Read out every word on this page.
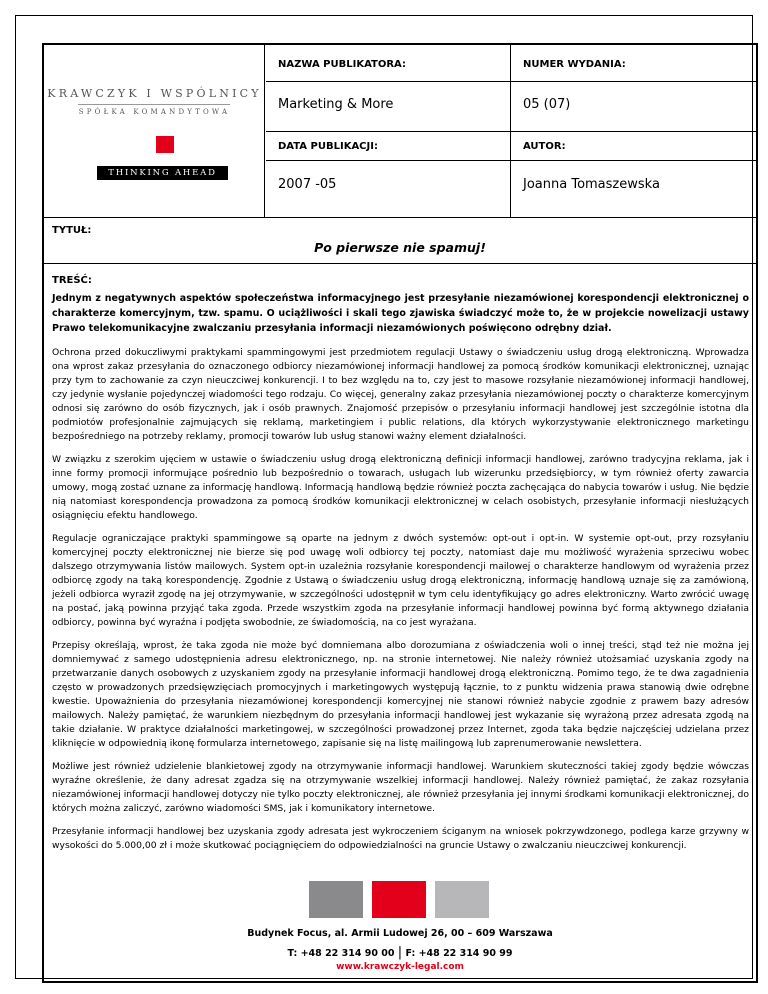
KRAWCZYK I WSPÓLNICY
SPÓŁKA KOMANDYTOWA
THINKING AHEAD
NAZWA PUBLIKATORA:	NUMER WYDANIA:
Marketing & More	05 (07)
DATA PUBLIKACJI:	AUTOR:
2007 -05	Joanna Tomaszewska
TYTUŁ:
Po pierwsze nie spamuj!
TREŚĆ:

Jednym z negatywnych aspektów społeczeństwa informacyjnego jest przesyłanie niezamówionej korespondencji elektronicznej o charakterze komercyjnym, tzw. spamu. O uciążliwości i skali tego zjawiska świadczyć może to, że w projekcie nowelizacji ustawy Prawo telekomunikacyjne zwalczaniu przesyłania informacji niezamówionych poświęcono odrębny dział.

Ochrona przed dokuczliwymi praktykami spammingowymi jest przedmiotem regulacji Ustawy o świadczeniu usług drogą elektroniczną. Wprowadza ona wprost zakaz przesyłania do oznaczonego odbiorcy niezamówionej informacji handlowej za pomocą środków komunikacji elektronicznej, uznając przy tym to zachowanie za czyn nieuczciwej konkurencji. I to bez względu na to, czy jest to masowe rozsyłanie niezamówionej informacji handlowej, czy jedynie wysłanie pojedynczej wiadomości tego rodzaju. Co więcej, generalny zakaz przesyłania niezamówionej poczty o charakterze komercyjnym odnosi się zarówno do osób fizycznych, jak i osób prawnych. Znajomość przepisów o przesyłaniu informacji handlowej jest szczególnie istotna dla podmiotów profesjonalnie zajmujących się reklamą, marketingiem i public relations, dla których wykorzystywanie elektronicznego marketingu bezpośredniego na potrzeby reklamy, promocji towarów lub usług stanowi ważny element działalności.

W związku z szerokim ujęciem w ustawie o świadczeniu usług drogą elektroniczną definicji informacji handlowej, zarówno tradycyjna reklama, jak i inne formy promocji informujące pośrednio lub bezpośrednio o towarach, usługach lub wizerunku przedsiębiorcy, w tym również oferty zawarcia umowy, mogą zostać uznane za informację handlową. Informacją handlową będzie również poczta zachęcająca do nabycia towarów i usług. Nie będzie nią natomiast korespondencja prowadzona za pomocą środków komunikacji elektronicznej w celach osobistych, przesyłanie informacji niesłużących osiągnięciu efektu handlowego.

Regulacje ograniczające praktyki spammingowe są oparte na jednym z dwóch systemów: opt-out i opt-in. W systemie opt-out, przy rozsyłaniu komercyjnej poczty elektronicznej nie bierze się pod uwagę woli odbiorcy tej poczty, natomiast daje mu możliwość wyrażenia sprzeciwu wobec dalszego otrzymywania listów mailowych. System opt-in uzależnia rozsyłanie korespondencji mailowej o charakterze handlowym od wyrażenia przez odbiorcę zgody na taką korespondencję. Zgodnie z Ustawą o świadczeniu usług drogą elektroniczną, informację handlową uznaje się za zamówioną, jeżeli odbiorca wyraził zgodę na jej otrzymywanie, w szczególności udostępnił w tym celu identyfikujący go adres elektroniczny. Warto zwrócić uwagę na postać, jaką powinna przyjąć taka zgoda. Przede wszystkim zgoda na przesyłanie informacji handlowej powinna być formą aktywnego działania odbiorcy, powinna być wyraźna i podjęta swobodnie, ze świadomością, na co jest wyrażana.

Przepisy określają, wprost, że taka zgoda nie może być domniemana albo dorozumiana z oświadczenia woli o innej treści, stąd też nie można jej domniemywać z samego udostępnienia adresu elektronicznego, np. na stronie internetowej. Nie należy również utożsamiać uzyskania zgody na przetwarzanie danych osobowych z uzyskaniem zgody na przesyłanie informacji handlowej drogą elektroniczną. Pomimo tego, że te dwa zagadnienia często w prowadzonych przedsięwzięciach promocyjnych i marketingowych występują łącznie, to z punktu widzenia prawa stanowią dwie odrębne kwestie. Upoważnienia do przesyłania niezamówionej korespondencji komercyjnej nie stanowi również nabycie zgodnie z prawem bazy adresów mailowych. Należy pamiętać, że warunkiem niezbędnym do przesyłania informacji handlowej jest wykazanie się wyrażoną przez adresata zgodą na takie działanie. W praktyce działalności marketingowej, w szczególności prowadzonej przez Internet, zgoda taka będzie najczęściej udzielana przez kliknięcie w odpowiednią ikonę formularza internetowego, zapisanie się na listę mailingową lub zaprenumerowanie newslettera.

Możliwe jest również udzielenie blankietowej zgody na otrzymywanie informacji handlowej. Warunkiem skuteczności takiej zgody będzie wówczas wyraźne określenie, że dany adresat zgadza się na otrzymywanie wszelkiej informacji handlowej. Należy również pamiętać, że zakaz rozsyłania niezamówionej informacji handlowej dotyczy nie tylko poczty elektronicznej, ale również przesyłania jej innymi środkami komunikacji elektronicznej, do których można zaliczyć, zarówno wiadomości SMS, jak i komunikatory internetowe.

Przesyłanie informacji handlowej bez uzyskania zgody adresata jest wykroczeniem ściganym na wniosek pokrzywdzonego, podlega karze grzywny w wysokości do 5.000,00 zł i może skutkować pociągnięciem do odpowiedzialności na gruncie Ustawy o zwalczaniu nieuczciwej konkurencji.

Budynek Focus, al. Armii Ludowej 26, 00 – 609 Warszawa
T: +48 22 314 90 00 | F: +48 22 314 90 99
www.krawczyk-legal.com
